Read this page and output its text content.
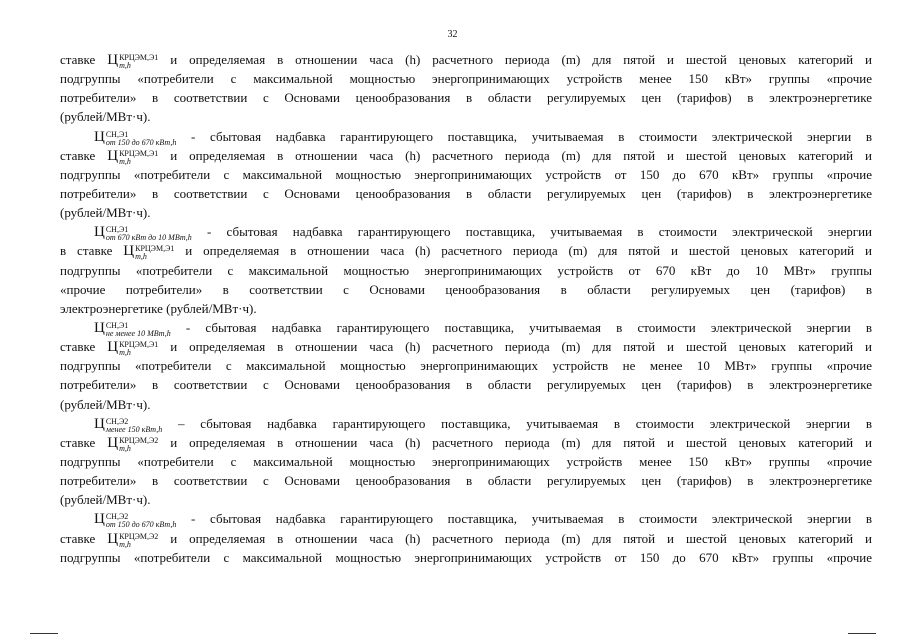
32
ставке Ц КРЦЭМ,Э1
m,h	и определяемая в отношении часа (h) расчетного периода (m) для пятой и шестой ценовых категорий и
подгруппы «потребители с максимальной мощностью энергопринимающих устройств менее 150 кВт» группы «прочие
потребители» в соответствии с Основами ценообразования в области регулируемых цен (тарифов) в электроэнергетике
(рублей/МВт·ч).
Ц СН,Э1
от 150 до 670 кВт,h - сбытовая надбавка гарантирующего поставщика, учитываемая в стоимости электрической энергии в
ставке Ц КРЦЭМ,Э1
m,h	и определяемая в отношении часа (h) расчетного периода (m) для пятой и шестой ценовых категорий и
подгруппы «потребители с максимальной мощностью энергопринимающих устройств от 150 до 670 кВт» группы «прочие
потребители» в соответствии с Основами ценообразования в области регулируемых цен (тарифов) в электроэнергетике
(рублей/МВт·ч).
Ц СН,Э1
от 670 кВт до 10 МВт,h - сбытовая надбавка гарантирующего поставщика, учитываемая в стоимости электрической энергии
в ставке Ц КРЦЭМ,Э1
m,h	и определяемая в отношении часа (h) расчетного периода (m) для пятой и шестой ценовых категорий и
подгруппы «потребители с максимальной мощностью энергопринимающих устройств от 670 кВт до 10 МВт» группы
«прочие потребители» в соответствии с Основами ценообразования в области регулируемых цен (тарифов) в
электроэнергетике (рублей/МВт·ч).
Ц СН,Э1
не менее 10 МВт,h - сбытовая надбавка гарантирующего поставщика, учитываемая в стоимости электрической энергии в
ставке Ц КРЦЭМ,Э1
m,h	и определяемая в отношении часа (h) расчетного периода (m) для пятой и шестой ценовых категорий и
подгруппы «потребители с максимальной мощностью энергопринимающих устройств не менее 10 МВт» группы «прочие
потребители» в соответствии с Основами ценообразования в области регулируемых цен (тарифов) в электроэнергетике
(рублей/МВт·ч).
Ц СН,Э2
менее 150 кВт,h – сбытовая надбавка гарантирующего поставщика, учитываемая в стоимости электрической энергии в
ставке Ц КРЦЭМ,Э2
m,h	и определяемая в отношении часа (h) расчетного периода (m) для пятой и шестой ценовых категорий и
подгруппы «потребители с максимальной мощностью энергопринимающих устройств менее 150 кВт» группы «прочие
потребители» в соответствии с Основами ценообразования в области регулируемых цен (тарифов) в электроэнергетике
(рублей/МВт·ч).
Ц СН,Э2
от 150 до 670 кВт,h - сбытовая надбавка гарантирующего поставщика, учитываемая в стоимости электрической энергии в
ставке Ц КРЦЭМ,Э2
m,h	и определяемая в отношении часа (h) расчетного периода (m) для пятой и шестой ценовых категорий и
подгруппы «потребители с максимальной мощностью энергопринимающих устройств от 150 до 670 кВт» группы «прочие
